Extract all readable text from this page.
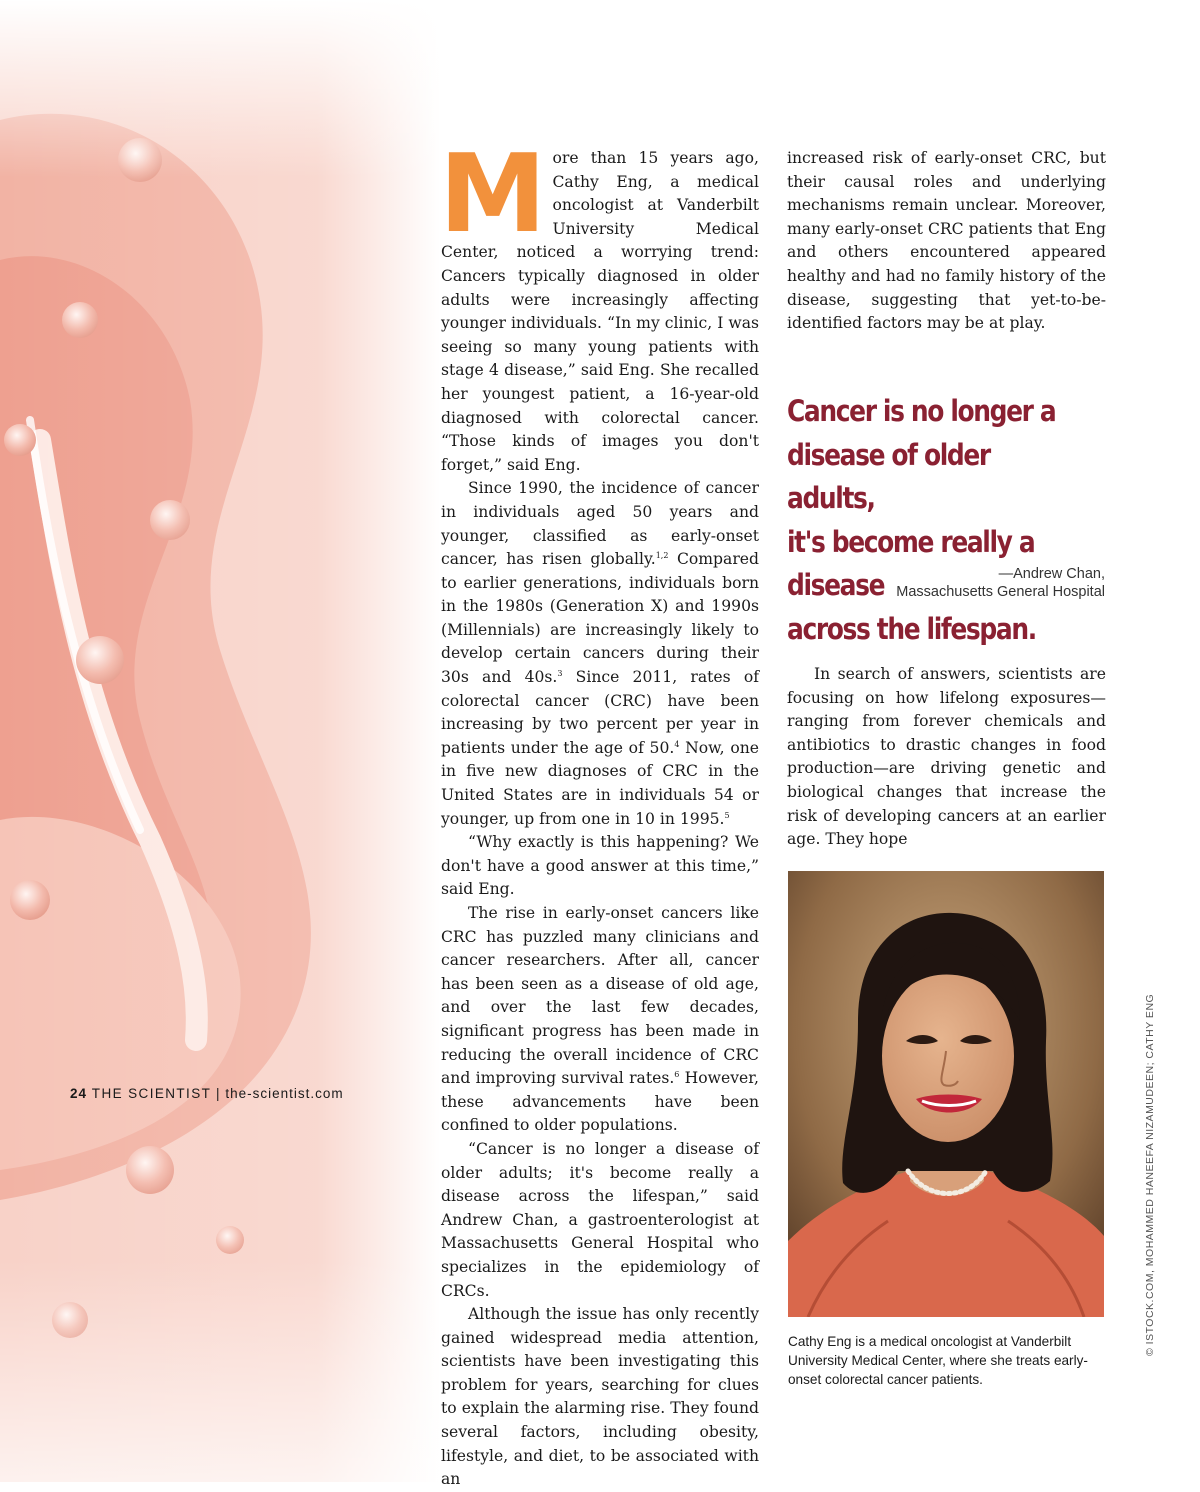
More than 15 years ago, Cathy Eng, a medical oncologist at Vanderbilt University Medical Center, noticed a worrying trend: Cancers typically diagnosed in older adults were increasingly affecting younger individuals. “In my clinic, I was seeing so many young patients with stage 4 disease,” said Eng. She recalled her youngest patient, a 16-year-old diagnosed with colorectal cancer. “Those kinds of images you don't forget,” said Eng.

Since 1990, the incidence of cancer in individuals aged 50 years and younger, classified as early-onset cancer, has risen globally.$^{1,2}$ Compared to earlier generations, individuals born in the 1980s (Generation X) and 1990s (Millennials) are increasingly likely to develop certain cancers during their 30s and 40s.$^3$ Since 2011, rates of colorectal cancer (CRC) have been increasing by two percent per year in patients under the age of 50.$^4$ Now, one in five new diagnoses of CRC in the United States are in individuals 54 or younger, up from one in 10 in 1995.$^5$

“Why exactly is this happening? We don't have a good answer at this time,” said Eng.

The rise in early-onset cancers like CRC has puzzled many clinicians and cancer researchers. After all, cancer has been seen as a disease of old age, and over the last few decades, significant progress has been made in reducing the overall incidence of CRC and improving survival rates.$^6$ However, these advancements have been confined to older populations.

“Cancer is no longer a disease of older adults; it's become really a disease across the lifespan,” said Andrew Chan, a gastroenterologist at Massachusetts General Hospital who specializes in the epidemiology of CRCs.

Although the issue has only recently gained widespread media attention, scientists have been investigating this problem for years, searching for clues to explain the alarming rise. They found several factors, including obesity, lifestyle, and diet, to be associated with an

increased risk of early-onset CRC, but their causal roles and underlying mechanisms remain unclear. Moreover, many early-onset CRC patients that Eng and others encountered appeared healthy and had no family history of the disease, suggesting that yet-to-be-identified factors may be at play.

Cancer is no longer a
disease of older adults,
it's become really a disease
across the lifespan.
—Andrew Chan,
Massachusetts General Hospital

In search of answers, scientists are focusing on how lifelong exposures—ranging from forever chemicals and antibiotics to drastic changes in food production—are driving genetic and biological changes that increase the risk of developing cancers at an earlier age. They hope

Cathy Eng is a medical oncologist at Vanderbilt University Medical Center, where she treats early-onset colorectal cancer patients.
© ISTOCK.COM, MOHAMMED HANEEFA NIZAMUDEEN; CATHY ENG
24 THE SCIENTIST | the-scientist.com
